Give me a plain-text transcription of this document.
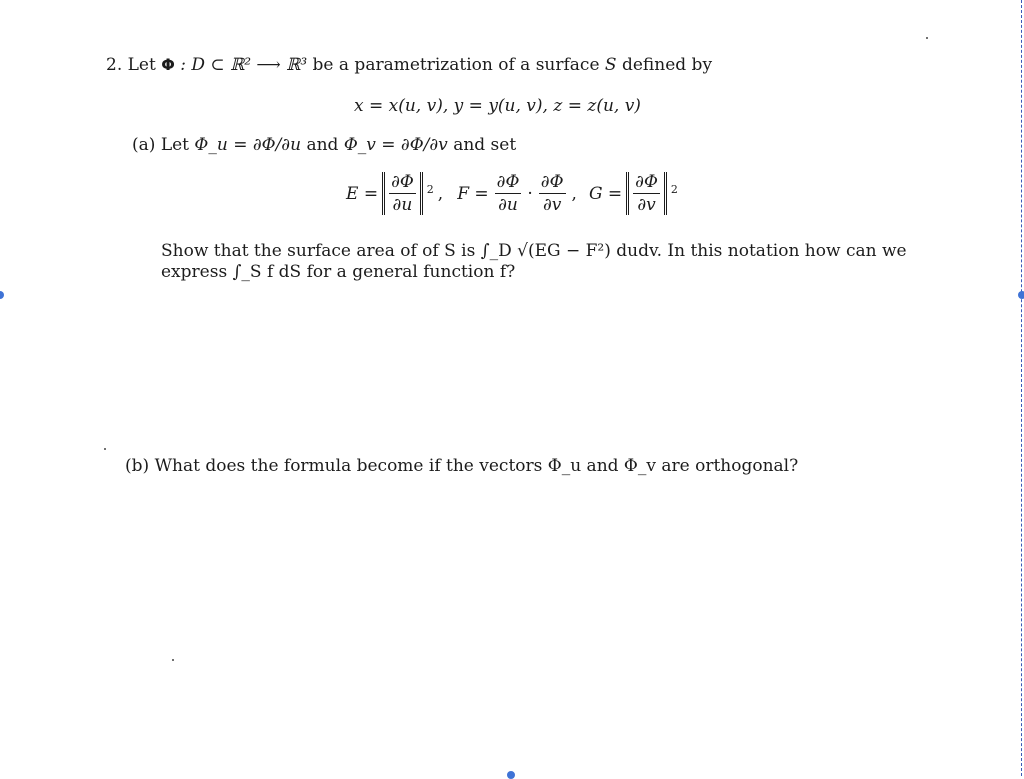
2. Let Φ : D ⊂ ℝ² ⟶ ℝ³ be a parametrization of a surface S defined by
x = x(u, v), y = y(u, v), z = z(u, v)
(a) Let Φ_u = ∂Φ/∂u and Φ_v = ∂Φ/∂v and set
$E = \frac{\partial\Phi}{\partial u} 2$ , $F = \frac{\partial\Phi}{\partial u} \cdot \frac{\partial\Phi}{\partial v}$ , $G = \frac{\partial\Phi}{\partial v} 2$
Show that the surface area of of S is ∫_D √(EG − F²) dudv. In this notation how can we
express ∫_S f dS for a general function f?
(b) What does the formula become if the vectors Φ_u and Φ_v are orthogonal?
